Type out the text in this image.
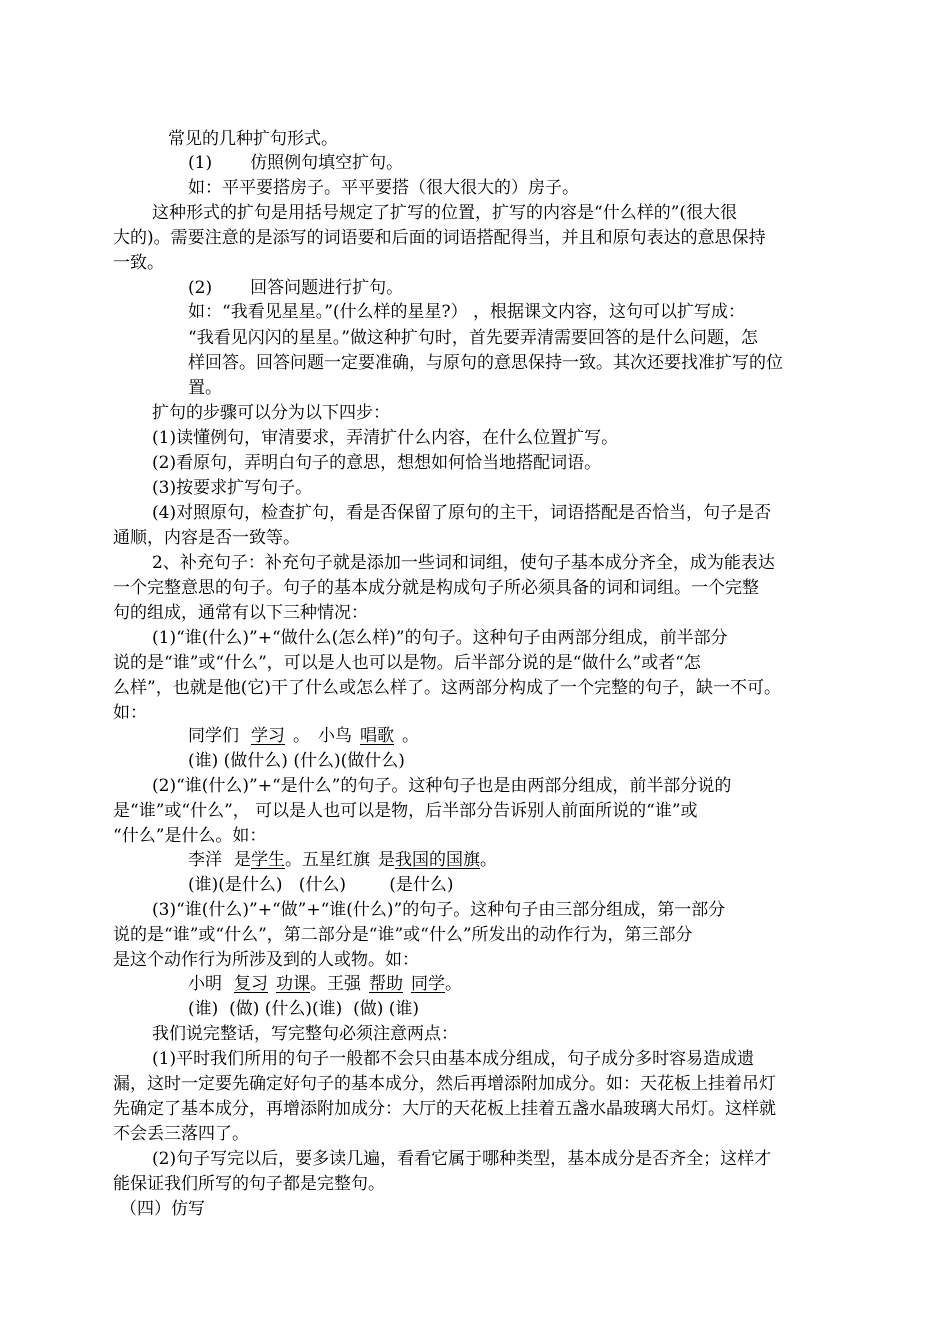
常见的几种扩句形式。
(1) 仿照例句填空扩句。
如：平平要搭房子。平平要搭（很大很大的）房子。
这种形式的扩句是用括号规定了扩写的位置，扩写的内容是“什么样的”(很大很
大的)。需要注意的是添写的词语要和后面的词语搭配得当，并且和原句表达的意思保持
一致。
(2) 回答问题进行扩句。
如：“我看见星星。”(什么样的星星?） ，根据课文内容，这句可以扩写成：
“我看见闪闪的星星。”做这种扩句时，首先要弄清需要回答的是什么问题，怎
样回答。回答问题一定要准确，与原句的意思保持一致。其次还要找准扩写的位
置。
扩句的步骤可以分为以下四步：
(1)读懂例句，审清要求，弄清扩什么内容，在什么位置扩写。
(2)看原句，弄明白句子的意思，想想如何恰当地搭配词语。
(3)按要求扩写句子。
(4)对照原句，检查扩句，看是否保留了原句的主干，词语搭配是否恰当，句子是否
通顺，内容是否一致等。
2、补充句子：补充句子就是添加一些词和词组，使句子基本成分齐全，成为能表达
一个完整意思的句子。句子的基本成分就是构成句子所必须具备的词和词组。一个完整
句的组成，通常有以下三种情况：
(1)“谁(什么)”+“做什么(怎么样)”的句子。这种句子由两部分组成，前半部分
说的是“谁”或“什么”，可以是人也可以是物。后半部分说的是“做什么”或者“怎
么样”，也就是他(它)干了什么或怎么样了。这两部分构成了一个完整的句子，缺一不可。
如：
同学们 学习 。 小鸟 唱歌 。
(谁) (做什么) (什么)(做什么)
(2)“谁(什么)”+“是什么”的句子。这种句子也是由两部分组成，前半部分说的
是“谁”或“什么”， 可以是人也可以是物，后半部分告诉别人前面所说的“谁”或
“什么”是什么。如：
李洋 是学生。五星红旗 是我国的国旗。
(谁)(是什么)   (什么)        (是什么)
(3)“谁(什么)”+“做”+“谁(什么)”的句子。这种句子由三部分组成，第一部分
说的是“谁”或“什么”，第二部分是“谁”或“什么”所发出的动作行为，第三部分
是这个动作行为所涉及到的人或物。如：
小明 复习 功课。王强 帮助 同学。
(谁)  (做) (什么)(谁)  (做) (谁)
我们说完整话，写完整句必须注意两点：
(1)平时我们所用的句子一般都不会只由基本成分组成，句子成分多时容易造成遗
漏，这时一定要先确定好句子的基本成分，然后再增添附加成分。如：天花板上挂着吊灯
先确定了基本成分，再增添附加成分：大厅的天花板上挂着五盏水晶玻璃大吊灯。这样就
不会丢三落四了。
(2)句子写完以后，要多读几遍，看看它属于哪种类型，基本成分是否齐全；这样才
能保证我们所写的句子都是完整句。
（四）仿写
